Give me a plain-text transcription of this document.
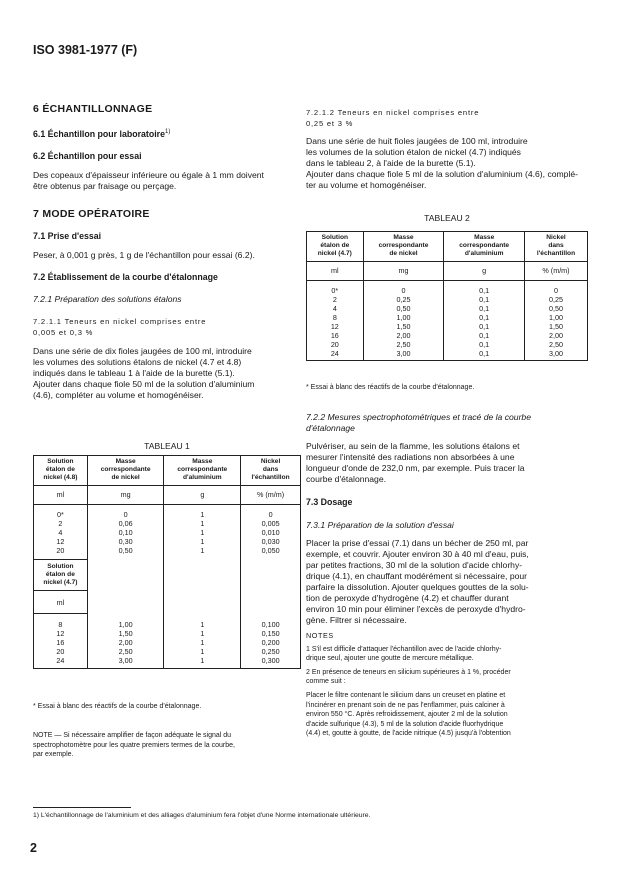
ISO 3981-1977 (F)

6 ÉCHANTILLONNAGE

6.1 Échantillon pour laboratoire$^{1)}$

6.2 Échantillon pour essai

Des copeaux d'épaisseur inférieure ou égale à 1 mm doivent

être obtenus par fraisage ou perçage.

7 MODE OPÉRATOIRE

7.1 Prise d'essai

Peser, à 0,001 g près, 1 g de l'échantillon pour essai (6.2).

7.2 Établissement de la courbe d'étalonnage

7.2.1 Préparation des solutions étalons

7.2.1.1 Teneurs en nickel comprises entre

0,005 et 0,3 %

Dans une série de dix fioles jaugées de 100 ml, introduire

les volumes des solutions étalons de nickel (4.7 et 4.8)

indiqués dans le tableau 1 à l'aide de la burette (5.1).

Ajouter dans chaque fiole 50 ml de la solution d'aluminium

(4.6), compléter au volume et homogénéiser.

TABLEAU 1
Solution
étalon de
nickel (4.8)	Masse
correspondante
de nickel	Masse
correspondante
d'aluminium	Nickel
dans
l'échantillon
ml	mg	g	% (m/m)
0*	0	1	0
2	0,06	1	0,005
4	0,10	1	0,010
12	0,30	1	0,030
20	0,50	1	0,050
Solution
étalon de
nickel (4.7)			
ml			
8	1,00	1	0,100
12	1,50	1	0,150
16	2,00	1	0,200
20	2,50	1	0,250
24	3,00	1	0,300
* Essai à blanc des réactifs de la courbe d'étalonnage.
NOTE — Si nécessaire amplifier de façon adéquate le signal du
spectrophotomètre pour les quatre premiers termes de la courbe,
par exemple.

7.2.1.2 Teneurs en nickel comprises entre

0,25 et 3 %

Dans une série de huit fioles jaugées de 100 ml, introduire

les volumes de la solution étalon de nickel (4.7) indiqués

dans le tableau 2, à l'aide de la burette (5.1).

Ajouter dans chaque fiole 5 ml de la solution d'aluminium (4.6), complé-

ter au volume et homogénéiser.

TABLEAU 2
Solution
étalon de
nickel (4.7)	Masse
correspondante
de nickel	Masse
correspondante
d'aluminium	Nickel
dans
l'échantillon
ml	mg	g	% (m/m)
0*	0	0,1	0
2	0,25	0,1	0,25
4	0,50	0,1	0,50
8	1,00	0,1	1,00
12	1,50	0,1	1,50
16	2,00	0,1	2,00
20	2,50	0,1	2,50
24	3,00	0,1	3,00
* Essai à blanc des réactifs de la courbe d'étalonnage.

7.2.2 Mesures spectrophotométriques et tracé de la courbe

d'étalonnage

Pulvériser, au sein de la flamme, les solutions étalons et

mesurer l'intensité des radiations non absorbées à une

longueur d'onde de 232,0 nm, par exemple. Puis tracer la

courbe d'étalonnage.

7.3 Dosage

7.3.1 Préparation de la solution d'essai

Placer la prise d'essai (7.1) dans un bécher de 250 ml, par

exemple, et couvrir. Ajouter environ 30 à 40 ml d'eau, puis,

par petites fractions, 30 ml de la solution d'acide chlorhy-

drique (4.1), en chauffant modérément si nécessaire, pour

parfaire la dissolution. Ajouter quelques gouttes de la solu-

tion de peroxyde d'hydrogène (4.2) et chauffer durant

environ 10 min pour éliminer l'excès de peroxyde d'hydro-

gène. Filtrer si nécessaire.

NOTES
1 S'il est difficile d'attaquer l'échantillon avec de l'acide chlorhy-
drique seul, ajouter une goutte de mercure métallique.
2 En présence de teneurs en silicium supérieures à 1 %, procéder
comme suit :
Placer le filtre contenant le silicium dans un creuset en platine et
l'incinérer en prenant soin de ne pas l'enflammer, puis calciner à
environ 550 °C. Après refroidissement, ajouter 2 ml de la solution
d'acide sulfurique (4.3), 5 ml de la solution d'acide fluorhydrique
(4.4) et, goutte à goutte, de l'acide nitrique (4.5) jusqu'à l'obtention
1) L'échantillonnage de l'aluminium et des alliages d'aluminium fera l'objet d'une Norme internationale ultérieure.
2
